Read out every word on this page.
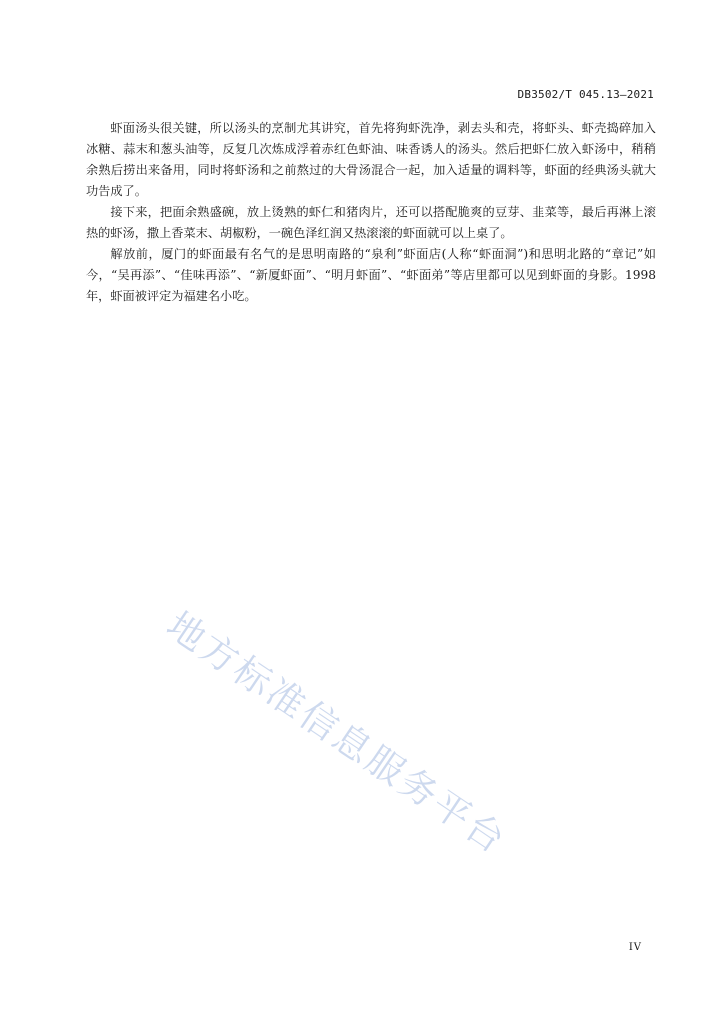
DB3502/T 045.13—2021

虾面汤头很关键，所以汤头的烹制尤其讲究，首先将狗虾洗净，剥去头和壳，将虾头、虾壳捣碎加入冰糖、蒜末和葱头油等，反复几次炼成浮着赤红色虾油、味香诱人的汤头。然后把虾仁放入虾汤中，稍稍余熟后捞出来备用，同时将虾汤和之前熬过的大骨汤混合一起，加入适量的调料等，虾面的经典汤头就大功告成了。

接下来，把面余熟盛碗，放上烫熟的虾仁和猪肉片，还可以搭配脆爽的豆芽、韭菜等，最后再淋上滚热的虾汤，撒上香菜末、胡椒粉，一碗色泽红润又热滚滚的虾面就可以上桌了。

解放前，厦门的虾面最有名气的是思明南路的“泉利”虾面店(人称“虾面洞”)和思明北路的“章记”如今，“吴再添”、“佳味再添”、“新厦虾面”、“明月虾面”、“虾面弟”等店里都可以见到虾面的身影。1998年，虾面被评定为福建名小吃。

地方标准信息服务平台
IV
